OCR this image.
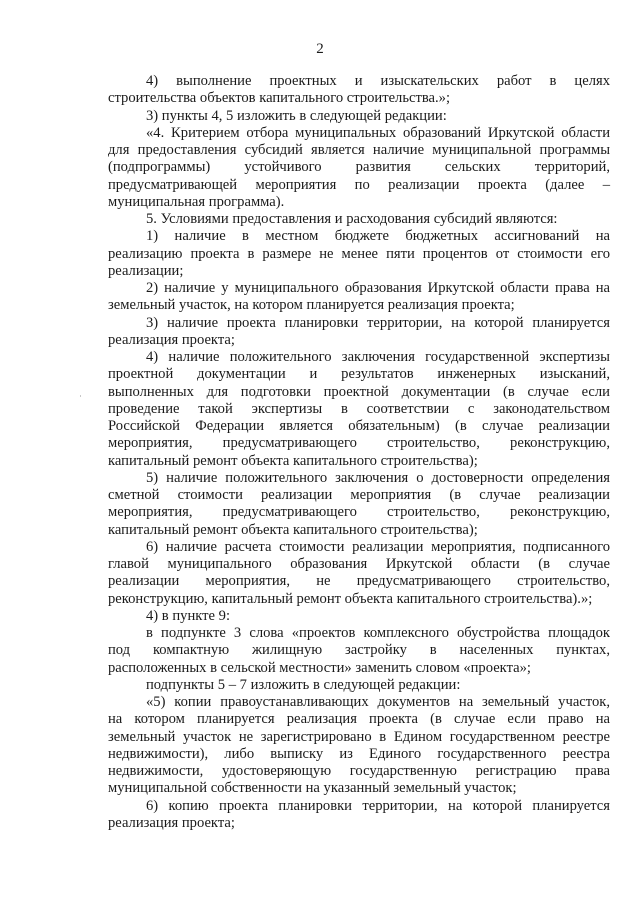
2
4) выполнение проектных и изыскательских работ в целях
строительства объектов капитального строительства.»;
3) пункты 4, 5 изложить в следующей редакции:
«4. Критерием отбора муниципальных образований Иркутской области
для предоставления субсидий является наличие муниципальной программы
(подпрограммы) устойчивого развития сельских территорий,
предусматривающей мероприятия по реализации проекта (далее –
муниципальная программа).
5. Условиями предоставления и расходования субсидий являются:
1) наличие в местном бюджете бюджетных ассигнований на
реализацию проекта в размере не менее пяти процентов от стоимости его
реализации;
2) наличие у муниципального образования Иркутской области права на
земельный участок, на котором планируется реализация проекта;
3) наличие проекта планировки территории, на которой планируется
реализация проекта;
4) наличие положительного заключения государственной экспертизы
проектной документации и результатов инженерных изысканий,
выполненных для подготовки проектной документации (в случае если
проведение такой экспертизы в соответствии с законодательством
Российской Федерации является обязательным) (в случае реализации
мероприятия, предусматривающего строительство, реконструкцию,
капитальный ремонт объекта капитального строительства);
5) наличие положительного заключения о достоверности определения
сметной стоимости реализации мероприятия (в случае реализации
мероприятия, предусматривающего строительство, реконструкцию,
капитальный ремонт объекта капитального строительства);
6) наличие расчета стоимости реализации мероприятия, подписанного
главой муниципального образования Иркутской области (в случае
реализации мероприятия, не предусматривающего строительство,
реконструкцию, капитальный ремонт объекта капитального строительства).»;
4) в пункте 9:
в подпункте 3 слова «проектов комплексного обустройства площадок
под компактную жилищную застройку в населенных пунктах,
расположенных в сельской местности» заменить словом «проекта»;
подпункты 5 – 7 изложить в следующей редакции:
«5) копии правоустанавливающих документов на земельный участок,
на котором планируется реализация проекта (в случае если право на
земельный участок не зарегистрировано в Едином государственном реестре
недвижимости), либо выписку из Единого государственного реестра
недвижимости, удостоверяющую государственную регистрацию права
муниципальной собственности на указанный земельный участок;
6) копию проекта планировки территории, на которой планируется
реализация проекта;
